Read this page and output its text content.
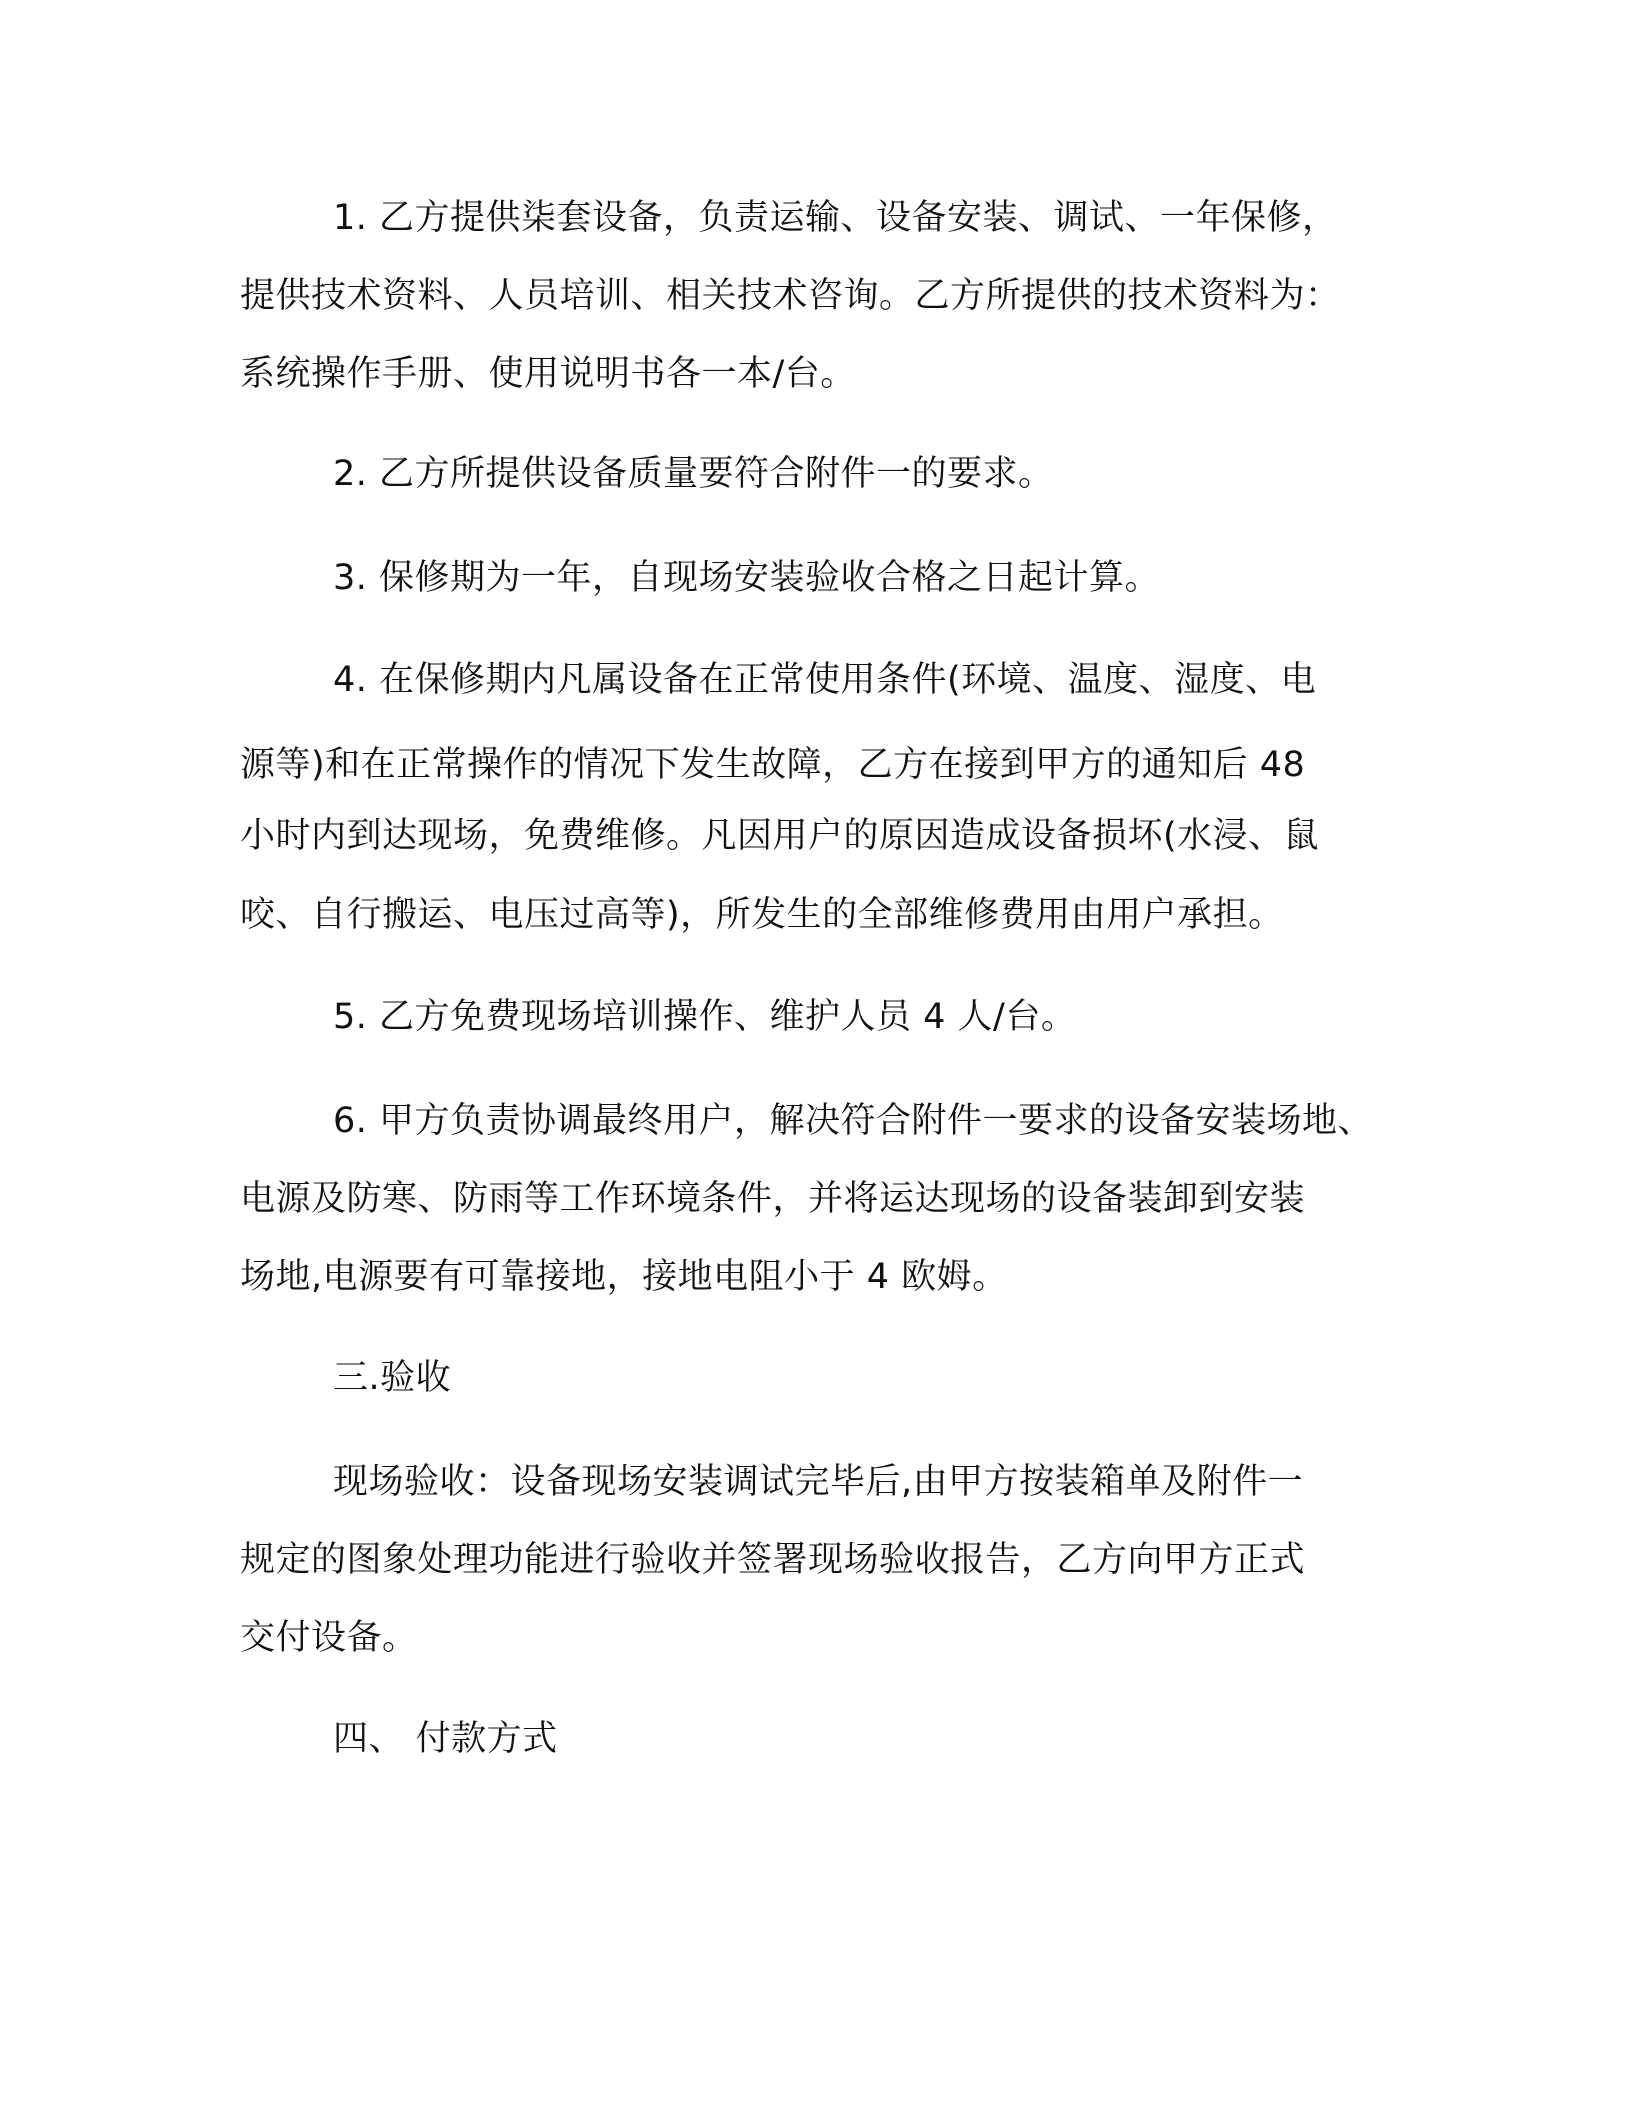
1. 乙方提供柒套设备，负责运输、设备安装、调试、一年保修，
提供技术资料、人员培训、相关技术咨询。乙方所提供的技术资料为：
系统操作手册、使用说明书各一本/台。
2. 乙方所提供设备质量要符合附件一的要求。
3. 保修期为一年，自现场安装验收合格之日起计算。
4. 在保修期内凡属设备在正常使用条件(环境、温度、湿度、电
源等)和在正常操作的情况下发生故障，乙方在接到甲方的通知后 48
小时内到达现场，免费维修。凡因用户的原因造成设备损坏(水浸、鼠
咬、自行搬运、电压过高等)，所发生的全部维修费用由用户承担。
5. 乙方免费现场培训操作、维护人员 4 人/台。
6. 甲方负责协调最终用户，解决符合附件一要求的设备安装场地、
电源及防寒、防雨等工作环境条件，并将运达现场的设备装卸到安装
场地,电源要有可靠接地，接地电阻小于 4 欧姆。
三.验收
现场验收：设备现场安装调试完毕后,由甲方按装箱单及附件一
规定的图象处理功能进行验收并签署现场验收报告，乙方向甲方正式
交付设备。
四、 付款方式
